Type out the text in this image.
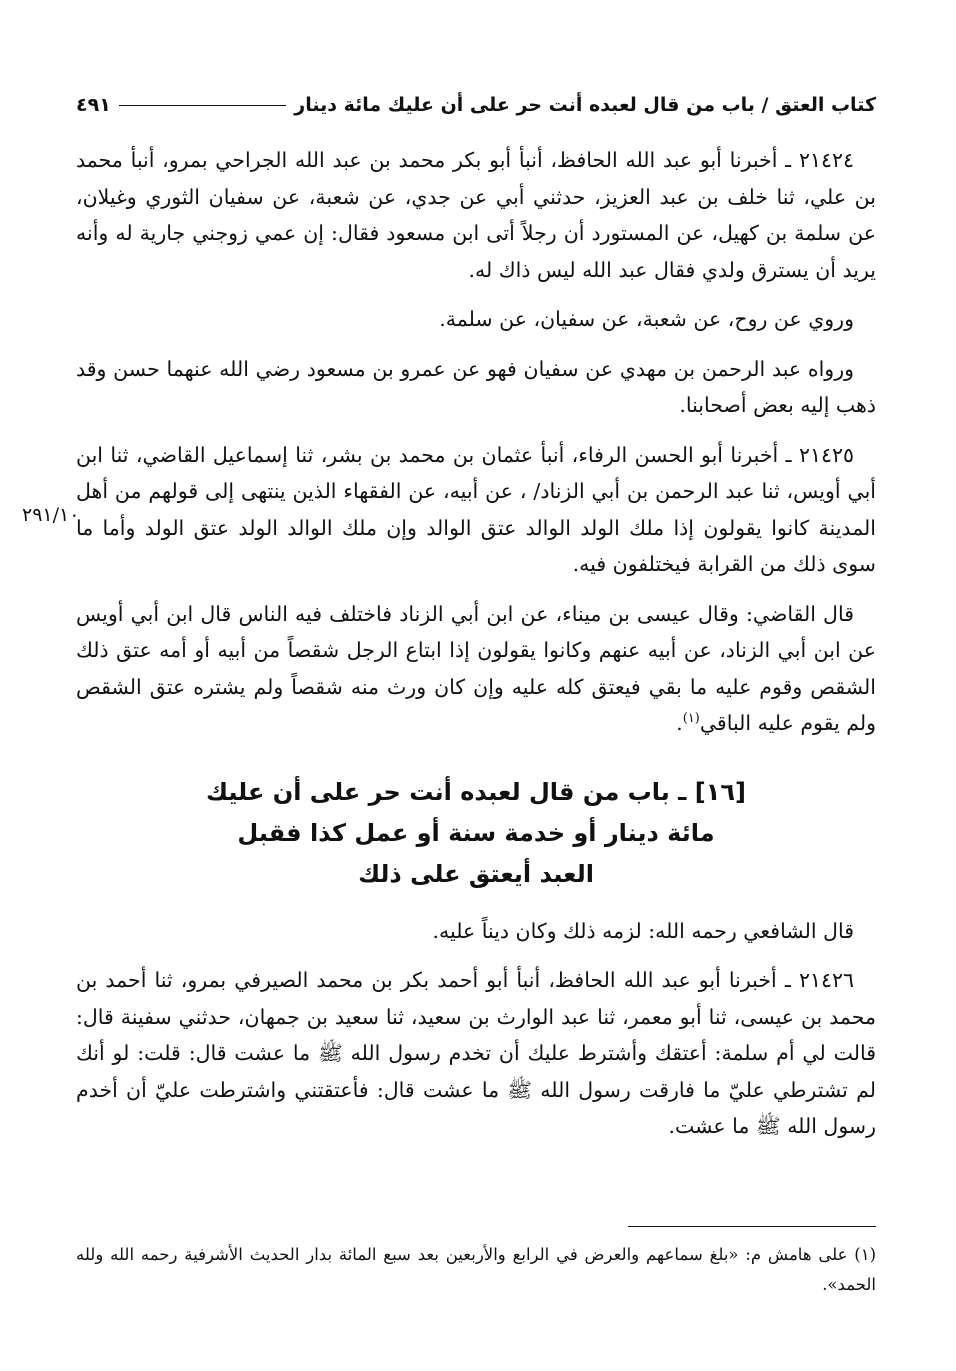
كتاب العتق / باب من قال لعبده أنت حر على أن عليك مائة دينار
٤٩١
٢٩١/١٠

٢١٤٢٤ ـ أخبرنا أبو عبد الله الحافظ، أنبأ أبو بكر محمد بن عبد الله الجراحي بمرو، أنبأ محمد بن علي، ثنا خلف بن عبد العزيز، حدثني أبي عن جدي، عن شعبة، عن سفيان الثوري وغيلان، عن سلمة بن كهيل، عن المستورد أن رجلاً أتى ابن مسعود فقال: إن عمي زوجني جارية له وأنه يريد أن يسترق ولدي فقال عبد الله ليس ذاك له.

وروي عن روح، عن شعبة، عن سفيان، عن سلمة.

ورواه عبد الرحمن بن مهدي عن سفيان فهو عن عمرو بن مسعود رضي الله عنهما حسن وقد ذهب إليه بعض أصحابنا.

٢١٤٢٥ ـ أخبرنا أبو الحسن الرفاء، أنبأ عثمان بن محمد بن بشر، ثنا إسماعيل القاضي، ثنا ابن أبي أويس، ثنا عبد الرحمن بن أبي الزناد/ ، عن أبيه، عن الفقهاء الذين ينتهى إلى قولهم من أهل المدينة كانوا يقولون إذا ملك الولد الوالد عتق الوالد وإن ملك الوالد الولد عتق الولد وأما ما سوى ذلك من القرابة فيختلفون فيه.

قال القاضي: وقال عيسى بن ميناء، عن ابن أبي الزناد فاختلف فيه الناس قال ابن أبي أويس عن ابن أبي الزناد، عن أبيه عنهم وكانوا يقولون إذا ابتاع الرجل شقصاً من أبيه أو أمه عتق ذلك الشقص وقوم عليه ما بقي فيعتق كله عليه وإن كان ورث منه شقصاً ولم يشتره عتق الشقص ولم يقوم عليه الباقي$^{(١)}$.

[١٦] ـ باب من قال لعبده أنت حر على أن عليك
مائة دينار أو خدمة سنة أو عمل كذا فقبل
العبد أيعتق على ذلك

قال الشافعي رحمه الله: لزمه ذلك وكان ديناً عليه.

٢١٤٢٦ ـ أخبرنا أبو عبد الله الحافظ، أنبأ أبو أحمد بكر بن محمد الصيرفي بمرو، ثنا أحمد بن محمد بن عيسى، ثنا أبو معمر، ثنا عبد الوارث بن سعيد، ثنا سعيد بن جمهان، حدثني سفينة قال: قالت لي أم سلمة: أعتقك وأشترط عليك أن تخدم رسول الله ﷺ ما عشت قال: قلت: لو أنك لم تشترطي عليّ ما فارقت رسول الله ﷺ ما عشت قال: فأعتقتني واشترطت عليّ أن أخدم رسول الله ﷺ ما عشت.

(١) على هامش م: «بلغ سماعهم والعرض في الرابع والأربعين بعد سبع المائة بدار الحديث الأشرفية رحمه الله ولله الحمد».
